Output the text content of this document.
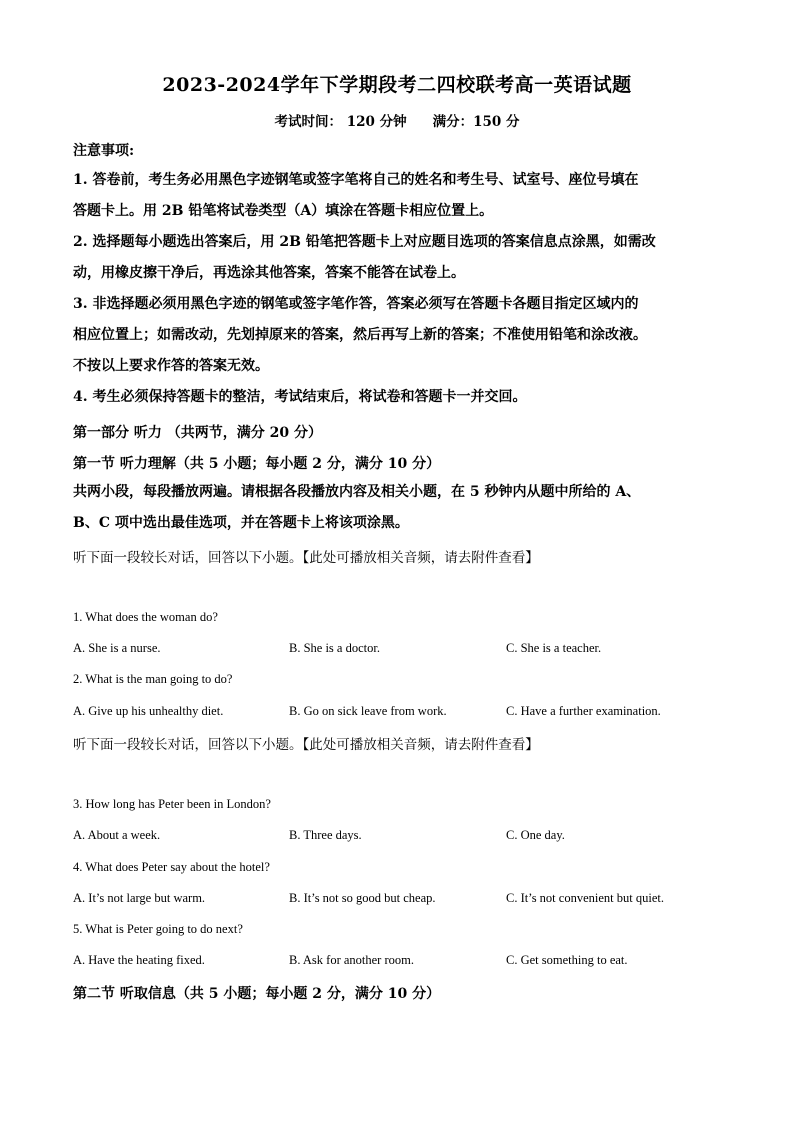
2023-2024学年下学期段考二四校联考高一英语试题
考试时间： 120 分钟 满分：150 分
注意事项:
1. 答卷前，考生务必用黑色字迹钢笔或签字笔将自己的姓名和考生号、试室号、座位号填在
答题卡上。用 2B 铅笔将试卷类型（A）填涂在答题卡相应位置上。
2. 选择题每小题选出答案后，用 2B 铅笔把答题卡上对应题目选项的答案信息点涂黑，如需改
动，用橡皮擦干净后，再选涂其他答案，答案不能答在试卷上。
3. 非选择题必须用黑色字迹的钢笔或签字笔作答，答案必须写在答题卡各题目指定区域内的
相应位置上；如需改动，先划掉原来的答案，然后再写上新的答案；不准使用铅笔和涂改液。
不按以上要求作答的答案无效。
4. 考生必须保持答题卡的整洁，考试结束后，将试卷和答题卡一并交回。
第一部分 听力 （共两节，满分 20 分）
第一节 听力理解（共 5 小题；每小题 2 分，满分 10 分）
共两小段，每段播放两遍。请根据各段播放内容及相关小题，在 5 秒钟内从题中所给的 A、
B、C 项中选出最佳选项，并在答题卡上将该项涂黑。
听下面一段较长对话，回答以下小题。【此处可播放相关音频，请去附件查看】
1. What does the woman do?
A. She is a nurse.	B. She is a doctor.	C. She is a teacher.
2. What is the man going to do?
A. Give up his unhealthy diet.	B. Go on sick leave from work.	C. Have a further examination.
听下面一段较长对话，回答以下小题。【此处可播放相关音频，请去附件查看】
3. How long has Peter been in London?
A. About a week.	B. Three days.	C. One day.
4. What does Peter say about the hotel?
A. It’s not large but warm.	B. It’s not so good but cheap.	C. It’s not convenient but quiet.
5. What is Peter going to do next?
A. Have the heating fixed.	B. Ask for another room.	C. Get something to eat.
第二节 听取信息（共 5 小题；每小题 2 分，满分 10 分）
